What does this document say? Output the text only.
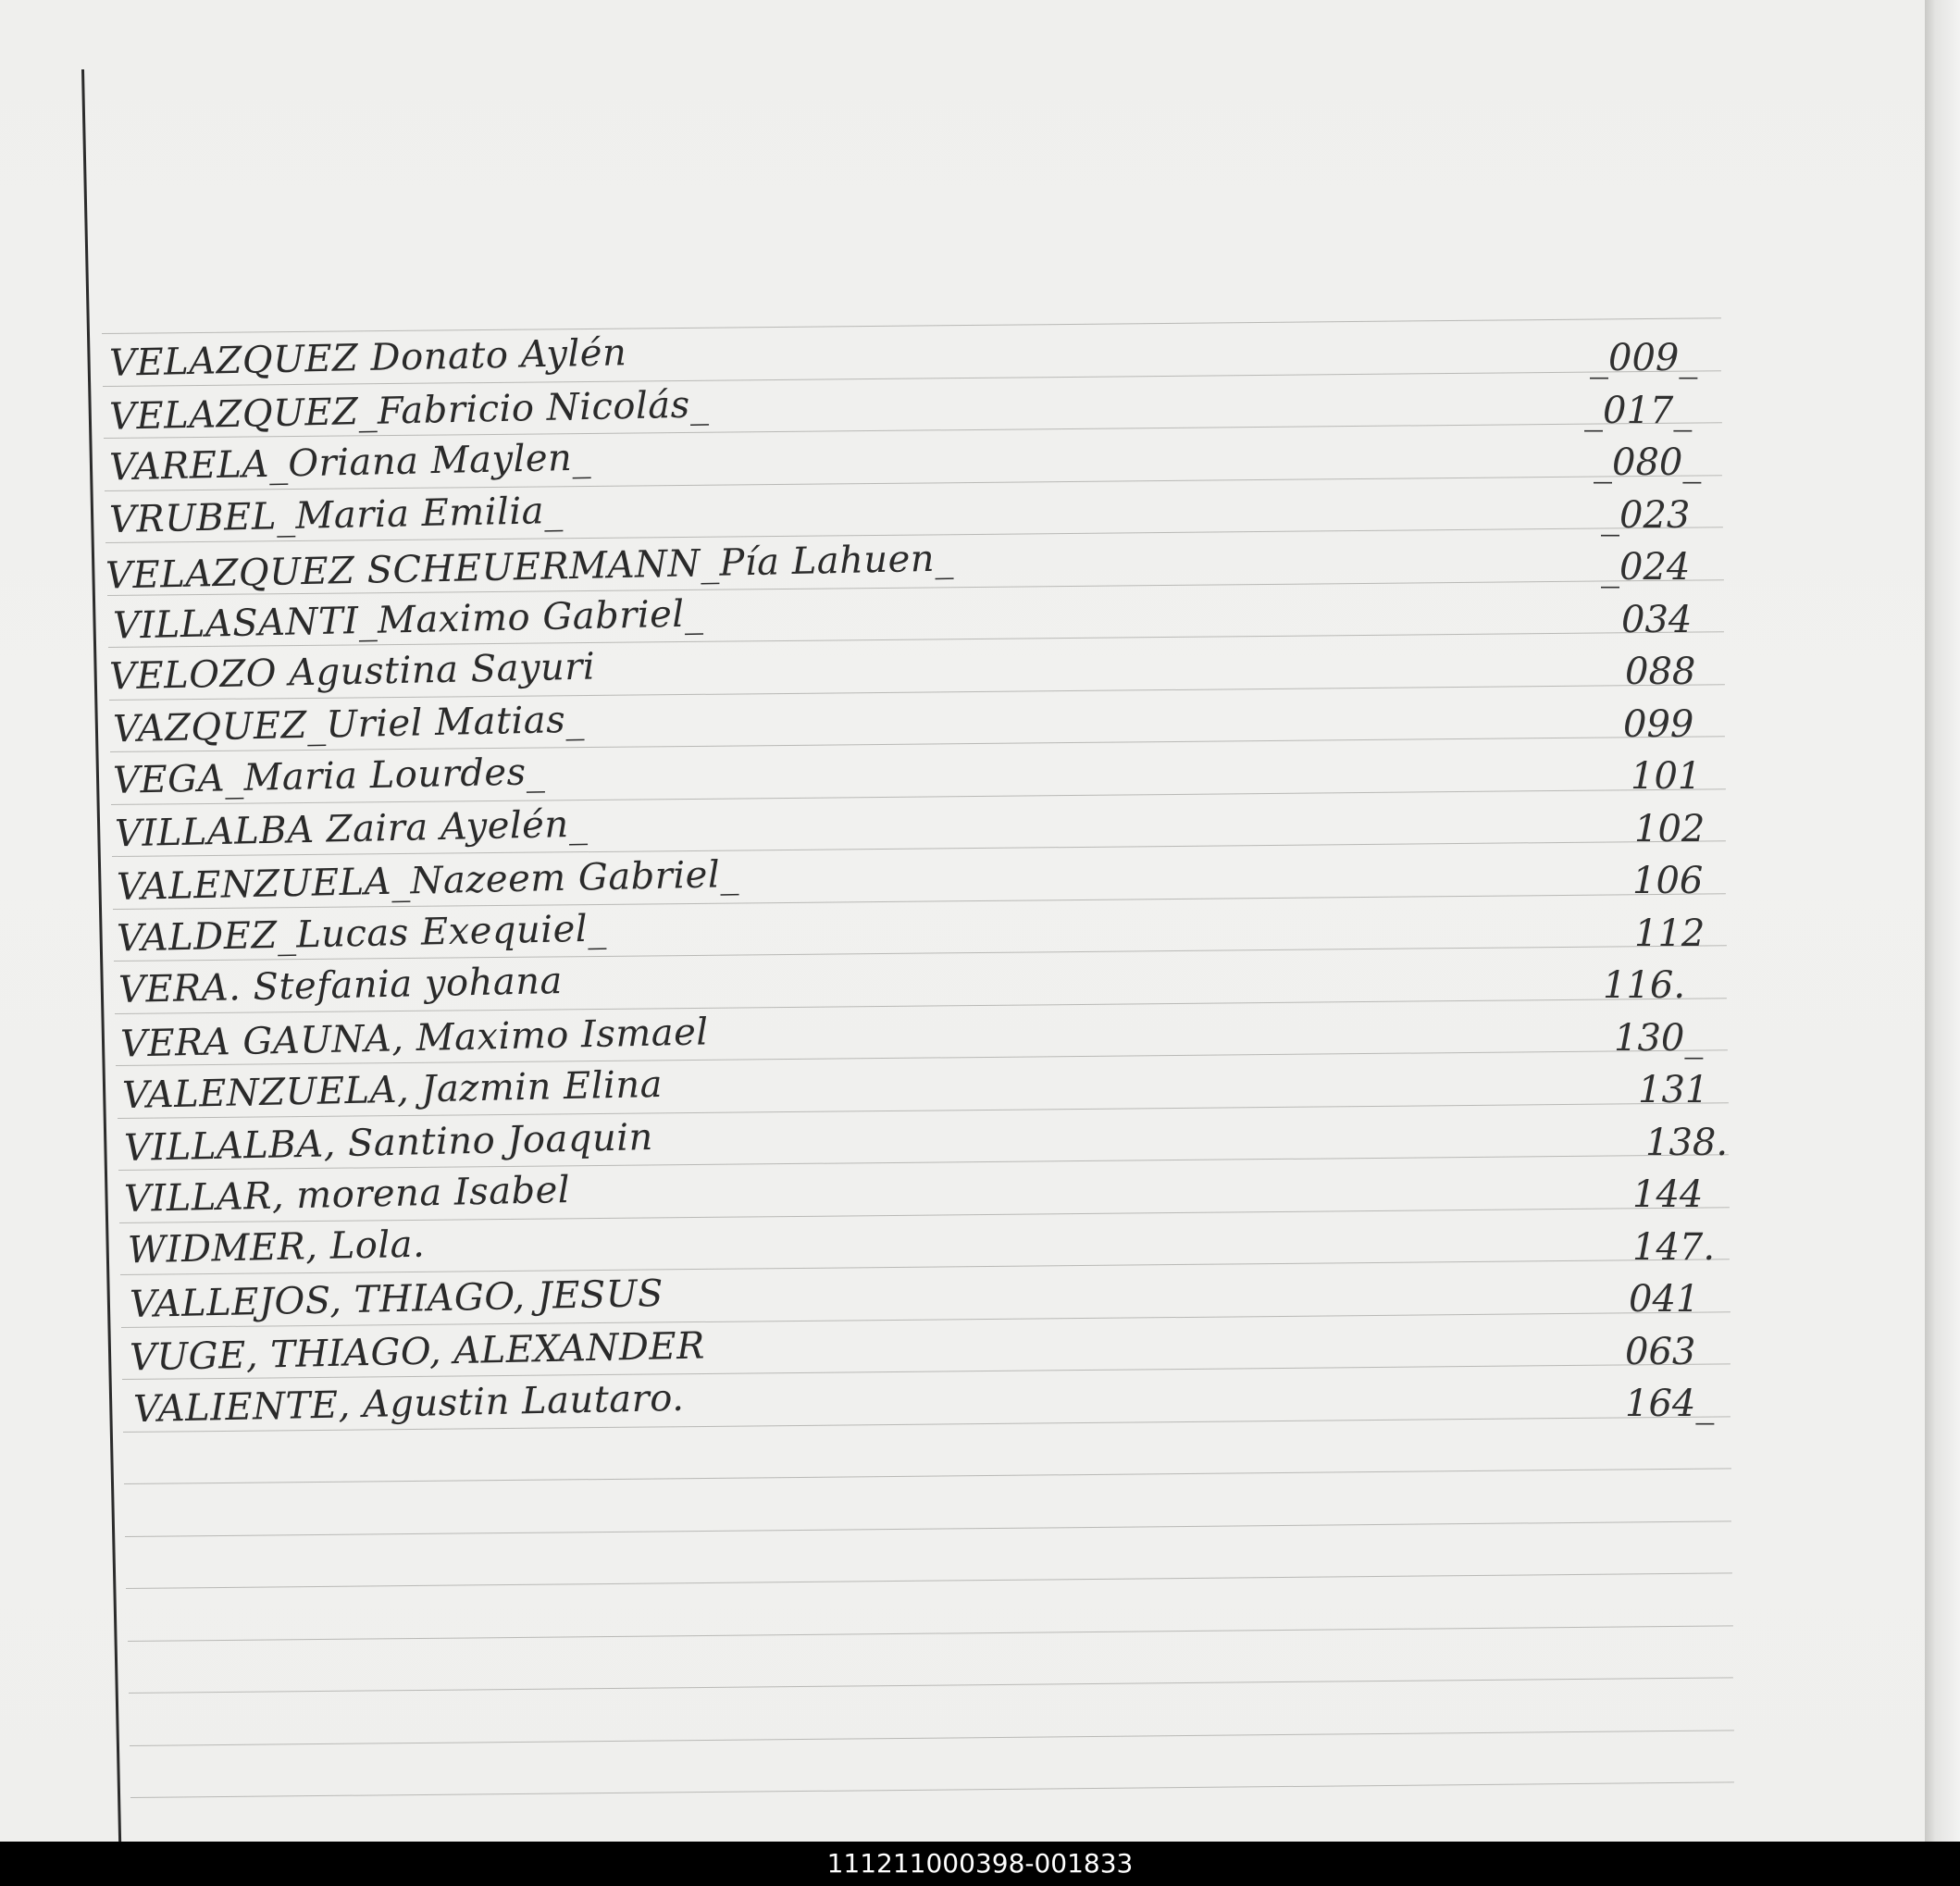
VELAZQUEZ Donato Aylén	_009_
VELAZQUEZ_Fabricio Nicolás_	_017_
VARELA_Oriana Maylen_	_080_
VRUBEL_Maria Emilia_	_023
VELAZQUEZ SCHEUERMANN_Pía Lahuen_	_024
VILLASANTI_Maximo Gabriel_	034
VELOZO Agustina Sayuri	088
VAZQUEZ_Uriel Matias_	099
VEGA_Maria Lourdes_	101
VILLALBA Zaira Ayelén_	102
VALENZUELA_Nazeem Gabriel_	106
VALDEZ_Lucas Exequiel_	112
VERA. Stefania yohana	116.
VERA GAUNA, Maximo Ismael	130_
VALENZUELA, Jazmin Elina	131
VILLALBA, Santino Joaquin	138.
VILLAR, morena Isabel	144
WIDMER, Lola.	147.
VALLEJOS, THIAGO, JESUS	041
VUGE, THIAGO, ALEXANDER	063
VALIENTE, Agustin Lautaro.	164_
111211000398-001833
